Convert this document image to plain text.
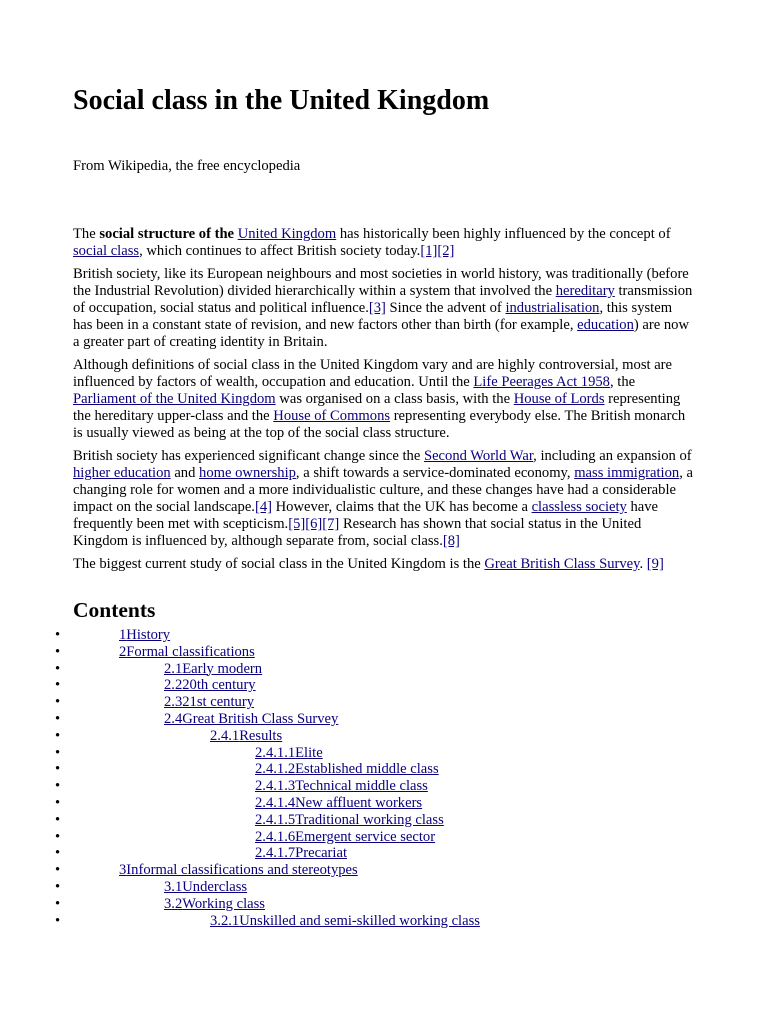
Social class in the United Kingdom

From Wikipedia, the free encyclopedia

The social structure of the United Kingdom has historically been highly influenced by the concept of social class, which continues to affect British society today.[1][2]

British society, like its European neighbours and most societies in world history, was traditionally (before the Industrial Revolution) divided hierarchically within a system that involved the hereditary transmission of occupation, social status and political influence.[3] Since the advent of industrialisation, this system has been in a constant state of revision, and new factors other than birth (for example, education) are now a greater part of creating identity in Britain.

Although definitions of social class in the United Kingdom vary and are highly controversial, most are influenced by factors of wealth, occupation and education. Until the Life Peerages Act 1958, the Parliament of the United Kingdom was organised on a class basis, with the House of Lords representing the hereditary upper-class and the House of Commons representing everybody else. The British monarch is usually viewed as being at the top of the social class structure.

British society has experienced significant change since the Second World War, including an expansion of higher education and home ownership, a shift towards a service-dominated economy, mass immigration, a changing role for women and a more individualistic culture, and these changes have had a considerable impact on the social landscape.[4] However, claims that the UK has become a classless society have frequently been met with scepticism.[5][6][7] Research has shown that social status in the United Kingdom is influenced by, although separate from, social class.[8]

The biggest current study of social class in the United Kingdom is the Great British Class Survey. [9]

Contents
• 1History
• 2Formal classifications
• 2.1Early modern
• 2.220th century
• 2.321st century
• 2.4Great British Class Survey
• 2.4.1Results
• 2.4.1.1Elite
• 2.4.1.2Established middle class
• 2.4.1.3Technical middle class
• 2.4.1.4New affluent workers
• 2.4.1.5Traditional working class
• 2.4.1.6Emergent service sector
• 2.4.1.7Precariat
• 3Informal classifications and stereotypes
• 3.1Underclass
• 3.2Working class
• 3.2.1Unskilled and semi-skilled working class
